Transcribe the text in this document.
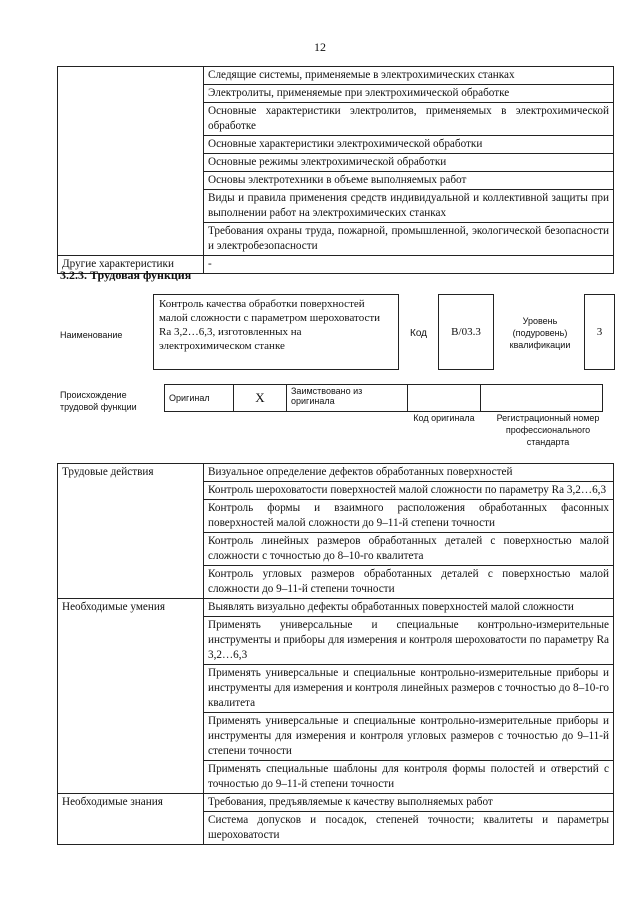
12
	Следящие системы, применяемые в электрохимических станках
	Электролиты, применяемые при электрохимической обработке
	Основные характеристики электролитов, применяемых в электрохимической обработке
	Основные характеристики электрохимической обработки
	Основные режимы электрохимической обработки
	Основы электротехники в объеме выполняемых работ
	Виды и правила применения средств индивидуальной и коллективной защиты при выполнении работ на электрохимических станках
	Требования охраны труда, пожарной, промышленной, экологической безопасности и электробезопасности
Другие характеристики	-
3.2.3. Трудовая функция
Наименование
Контроль качества обработки поверхностей малой сложности с параметром шероховатости Ra 3,2…6,3, изготовленных на электрохимическом станке
Код	В/03.3
Уровень (подуровень) квалификации
3
Происхождение трудовой функции
Оригинал	X	Заимствовано из оригинала		
Код оригинала	Регистрационный номер профессионального стандарта
Трудовые действия	Визуальное определение дефектов обработанных поверхностей
	Контроль шероховатости поверхностей малой сложности по параметру Ra 3,2…6,3
	Контроль формы и взаимного расположения обработанных фасонных поверхностей малой сложности до 9–11-й степени точности
	Контроль линейных размеров обработанных деталей с поверхностью малой сложности с точностью до 8–10-го квалитета
	Контроль угловых размеров обработанных деталей с поверхностью малой сложности до 9–11-й степени точности
Необходимые умения	Выявлять визуально дефекты обработанных поверхностей малой сложности
	Применять универсальные и специальные контрольно-измерительные инструменты и приборы для измерения и контроля шероховатости по параметру Ra 3,2…6,3
	Применять универсальные и специальные контрольно-измерительные приборы и инструменты для измерения и контроля линейных размеров с точностью до 8–10-го квалитета
	Применять универсальные и специальные контрольно-измерительные приборы и инструменты для измерения и контроля угловых размеров с точностью до 9–11-й степени точности
	Применять специальные шаблоны для контроля формы полостей и отверстий с точностью до 9–11-й степени точности
Необходимые знания	Требования, предъявляемые к качеству выполняемых работ
	Система допусков и посадок, степеней точности; квалитеты и параметры шероховатости
